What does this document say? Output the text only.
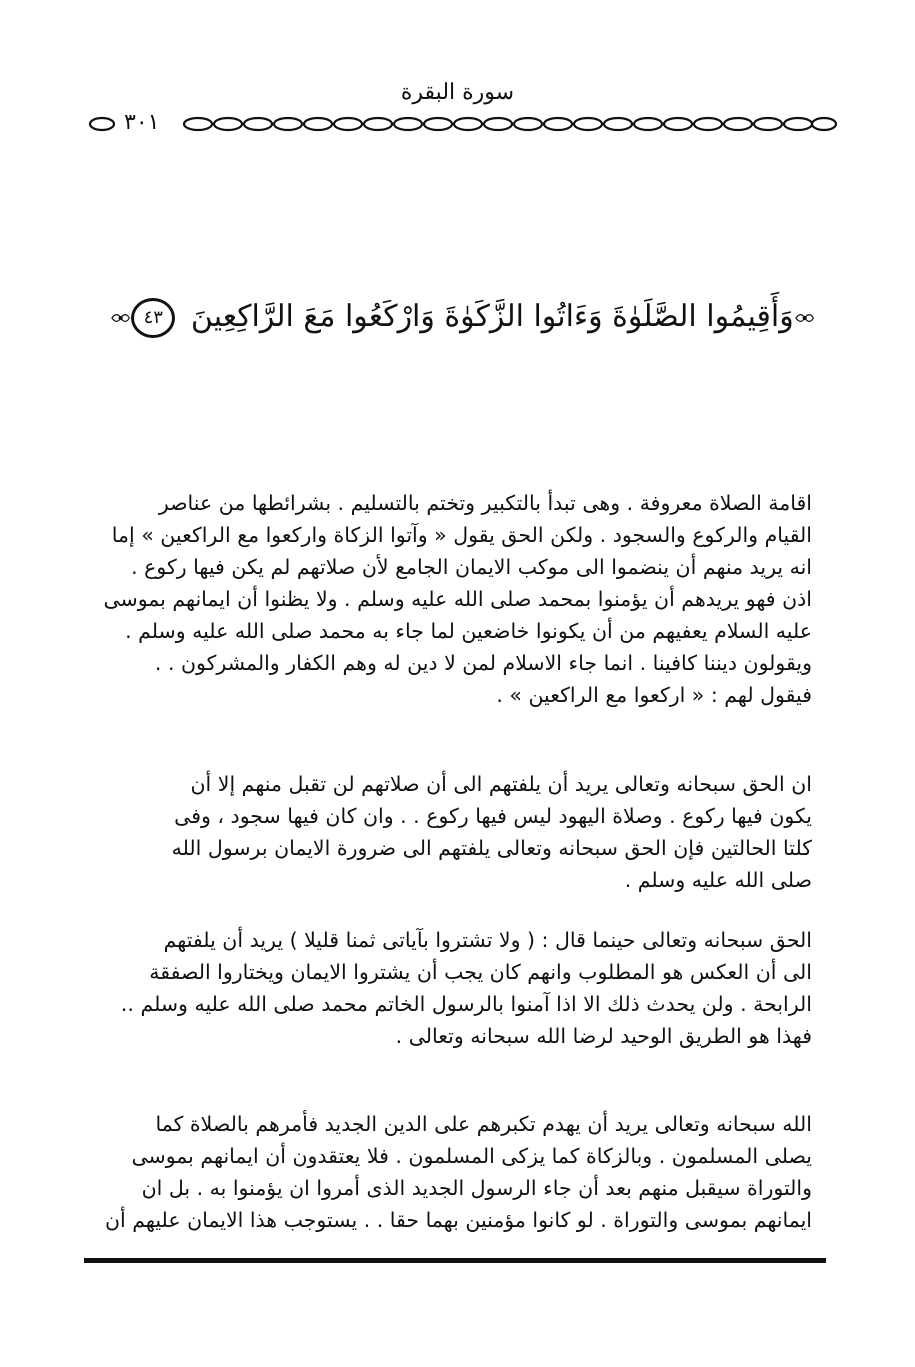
سورة البقرة
٣٠١
وَأَقِيمُوا الصَّلَوٰةَ وَءَاتُوا الزَّكَوٰةَ وَارْكَعُوا مَعَ الرَّاكِعِينَ ٤٣

اقامة الصلاة معروفة . وهى تبدأ بالتكبير وتختم بالتسليم . بشرائطها من عناصر
القيام والركوع والسجود . ولكن الحق يقول « وآتوا الزكاة واركعوا مع الراكعين » إما
انه يريد منهم أن ينضموا الى موكب الايمان الجامع لأن صلاتهم لم يكن فيها ركوع .
اذن فهو يريدهم أن يؤمنوا بمحمد صلى الله عليه وسلم . ولا يظنوا أن ايمانهم بموسى
عليه السلام يعفيهم من أن يكونوا خاضعين لما جاء به محمد صلى الله عليه وسلم .
ويقولون ديننا كافينا . انما جاء الاسلام لمن لا دين له وهم الكفار والمشركون . .
فيقول لهم : « اركعوا مع الراكعين » .

ان الحق سبحانه وتعالى يريد أن يلفتهم الى أن صلاتهم لن تقبل منهم إلا أن
يكون فيها ركوع . وصلاة اليهود ليس فيها ركوع . . وان كان فيها سجود ، وفى
كلتا الحالتين فإن الحق سبحانه وتعالى يلفتهم الى ضرورة الايمان برسول الله
صلى الله عليه وسلم .

الحق سبحانه وتعالى حينما قال : ( ولا تشتروا بآياتى ثمنا قليلا ) يريد أن يلفتهم
الى أن العكس هو المطلوب وانهم كان يجب أن يشتروا الايمان ويختاروا الصفقة
الرابحة . ولن يحدث ذلك الا اذا آمنوا بالرسول الخاتم محمد صلى الله عليه وسلم ..
فهذا هو الطريق الوحيد لرضا الله سبحانه وتعالى .

الله سبحانه وتعالى يريد أن يهدم تكبرهم على الدين الجديد فأمرهم بالصلاة كما
يصلى المسلمون . وبالزكاة كما يزكى المسلمون . فلا يعتقدون أن ايمانهم بموسى
والتوراة سيقبل منهم بعد أن جاء الرسول الجديد الذى أمروا ان يؤمنوا به . بل ان
ايمانهم بموسى والتوراة . لو كانوا مؤمنين بهما حقا . . يستوجب هذا الايمان عليهم أن
